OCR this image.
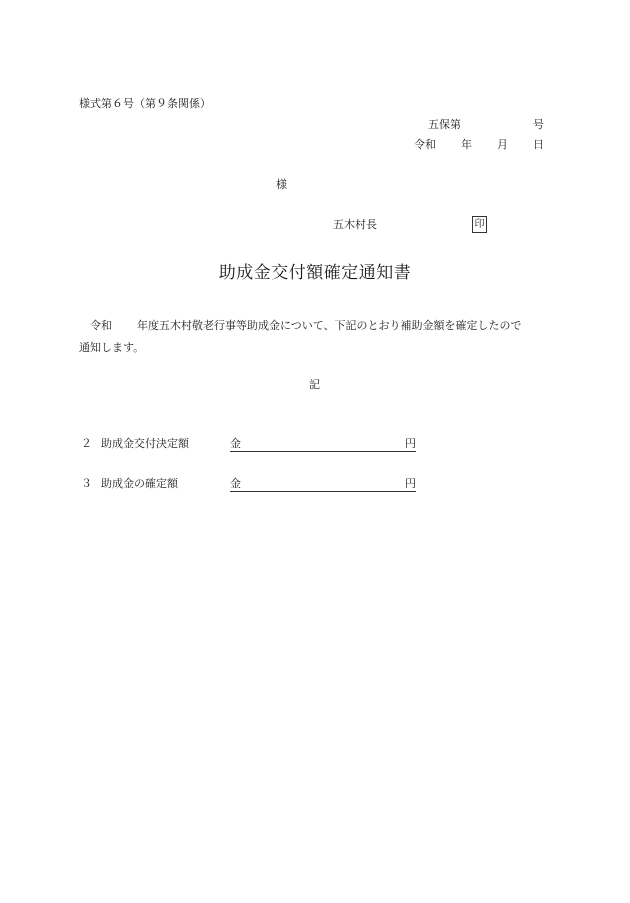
様式第６号（第９条関係）
五保第	号
令和 年 月 日
様
五木村長	印
助成金交付額確定通知書
令和 年度五木村敬老行事等助成金について、下記のとおり補助金額を確定したので
通知します。
記
２ 助成金交付決定額	金	円
３ 助成金の確定額	金	円
